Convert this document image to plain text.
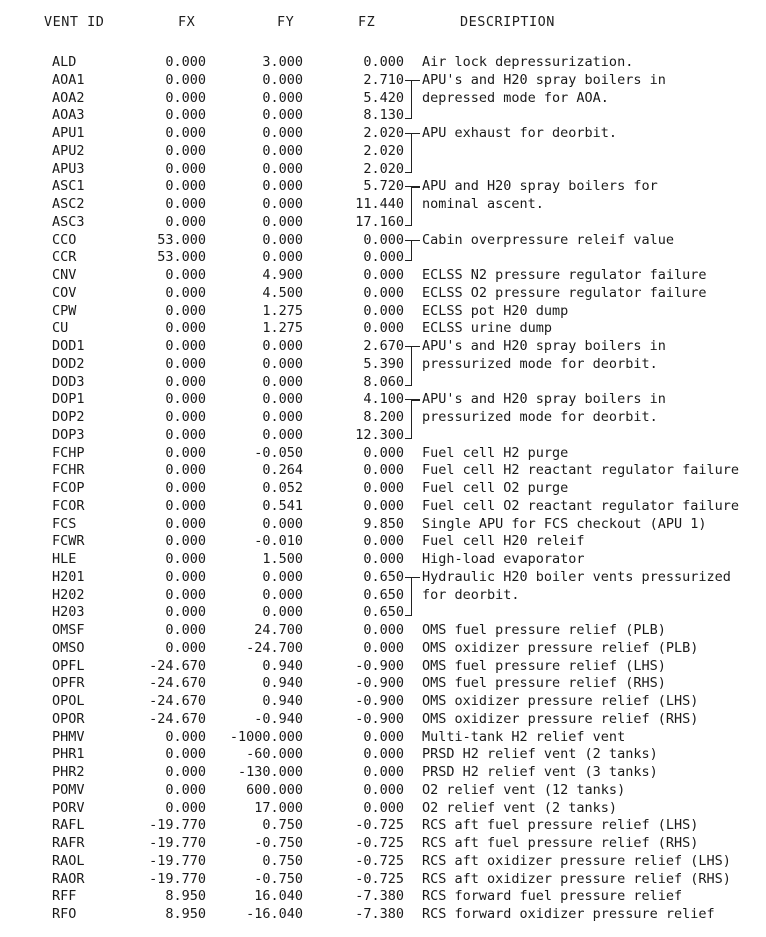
VENT ID	FX	FY	FZ	DESCRIPTION
ALD	0.000	3.000	0.000 Air lock depressurization.
AOA1	0.000	0.000	2.710 APU's and H20 spray boilers in
AOA2	0.000	0.000	5.420 depressed mode for AOA.
AOA3	0.000	0.000	8.130
APU1	0.000	0.000	2.020 APU exhaust for deorbit.
APU2	0.000	0.000	2.020
APU3	0.000	0.000	2.020
ASC1	0.000	0.000	5.720 APU and H20 spray boilers for
ASC2	0.000	0.000	11.440 nominal ascent.
ASC3	0.000	0.000	17.160
CCO	53.000	0.000	0.000 Cabin overpressure releif value
CCR	53.000	0.000	0.000
CNV	0.000	4.900	0.000 ECLSS N2 pressure regulator failure
COV	0.000	4.500	0.000 ECLSS O2 pressure regulator failure
CPW	0.000	1.275	0.000 ECLSS pot H20 dump
CU	0.000	1.275	0.000 ECLSS urine dump
DOD1	0.000	0.000	2.670 APU's and H20 spray boilers in
DOD2	0.000	0.000	5.390 pressurized mode for deorbit.
DOD3	0.000	0.000	8.060
DOP1	0.000	0.000	4.100 APU's and H20 spray boilers in
DOP2	0.000	0.000	8.200 pressurized mode for deorbit.
DOP3	0.000	0.000	12.300
FCHP	0.000	-0.050	0.000 Fuel cell H2 purge
FCHR	0.000	0.264	0.000 Fuel cell H2 reactant regulator failure
FCOP	0.000	0.052	0.000 Fuel cell O2 purge
FCOR	0.000	0.541	0.000 Fuel cell O2 reactant regulator failure
FCS	0.000	0.000	9.850 Single APU for FCS checkout (APU 1)
FCWR	0.000	-0.010	0.000 Fuel cell H20 releif
HLE	0.000	1.500	0.000 High-load evaporator
H201	0.000	0.000	0.650 Hydraulic H20 boiler vents pressurized
H202	0.000	0.000	0.650 for deorbit.
H203	0.000	0.000	0.650
OMSF	0.000	24.700	0.000 OMS fuel pressure relief (PLB)
OMSO	0.000	-24.700	0.000 OMS oxidizer pressure relief (PLB)
OPFL	-24.670	0.940	-0.900 OMS fuel pressure relief (LHS)
OPFR	-24.670	0.940	-0.900 OMS fuel pressure relief (RHS)
OPOL	-24.670	0.940	-0.900 OMS oxidizer pressure relief (LHS)
OPOR	-24.670	-0.940	-0.900 OMS oxidizer pressure relief (RHS)
PHMV	0.000 -1000.000	0.000 Multi-tank H2 relief vent
PHR1	0.000	-60.000	0.000 PRSD H2 relief vent (2 tanks)
PHR2	0.000 -130.000	0.000 PRSD H2 relief vent (3 tanks)
POMV	0.000	600.000	0.000 O2 relief vent (12 tanks)
PORV	0.000	17.000	0.000 O2 relief vent (2 tanks)
RAFL	-19.770	0.750	-0.725 RCS aft fuel pressure relief (LHS)
RAFR	-19.770	-0.750	-0.725 RCS aft fuel pressure relief (RHS)
RAOL	-19.770	0.750	-0.725 RCS aft oxidizer pressure relief (LHS)
RAOR	-19.770	-0.750	-0.725 RCS aft oxidizer pressure relief (RHS)
RFF	8.950	16.040	-7.380 RCS forward fuel pressure relief
RFO	8.950	-16.040	-7.380 RCS forward oxidizer pressure relief
